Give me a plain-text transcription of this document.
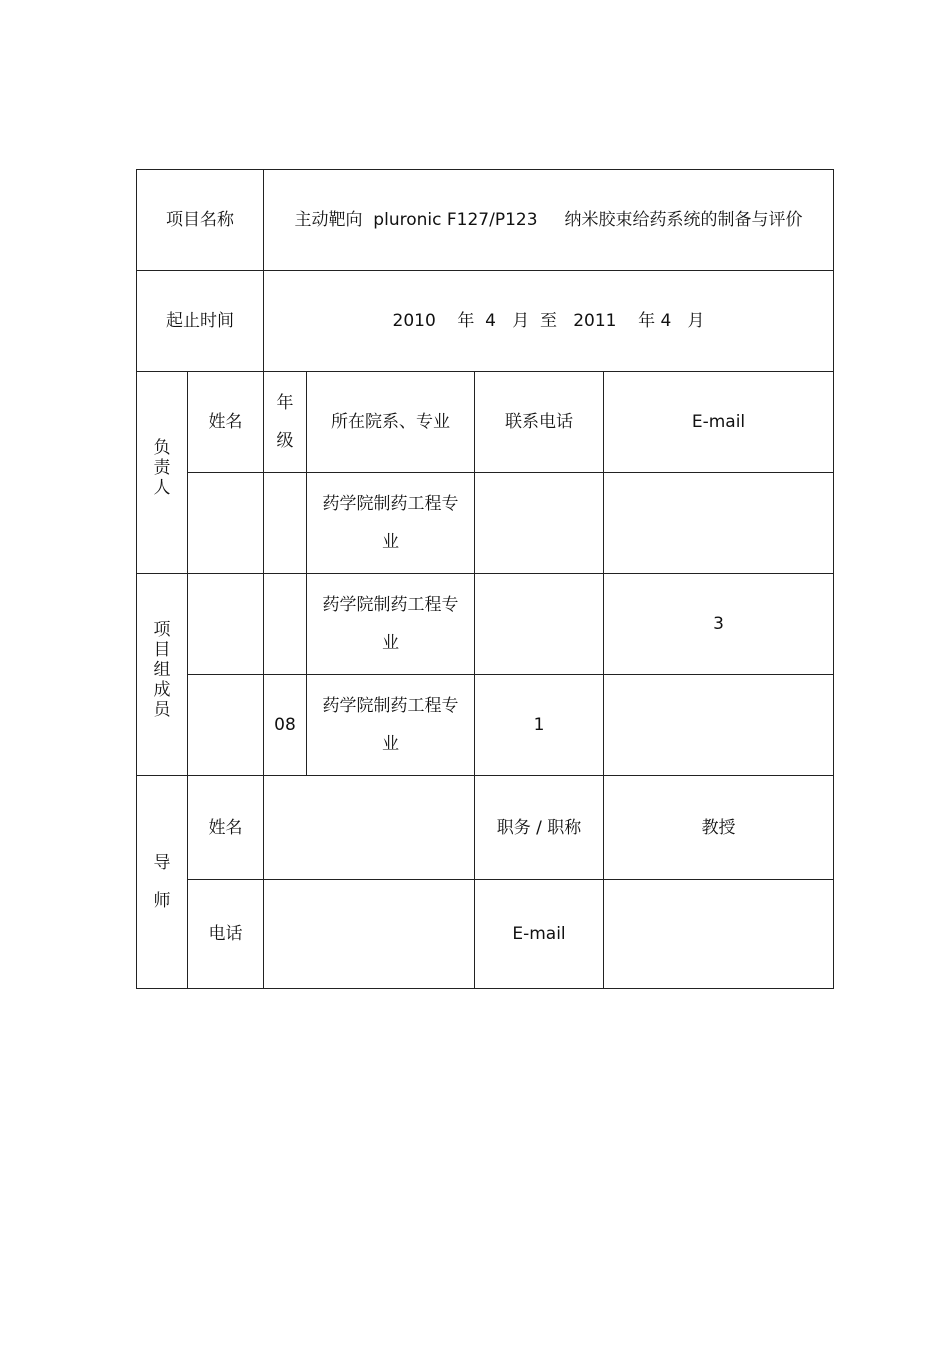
项目名称		主动靶向  pluronic F127/P123     纳米胶束给药系统的制备与评价			
起止时间		2010    年  4   月  至   2011    年 4   月			
负责人	姓名	年级	所在院系、专业	联系电话	E-mail
			药学院制药工程专业		
项目组成员			药学院制药工程专业		3
		08	药学院制药工程专业	1	
导师	姓名			职务 / 职称	教授
	电话			E-mail	
